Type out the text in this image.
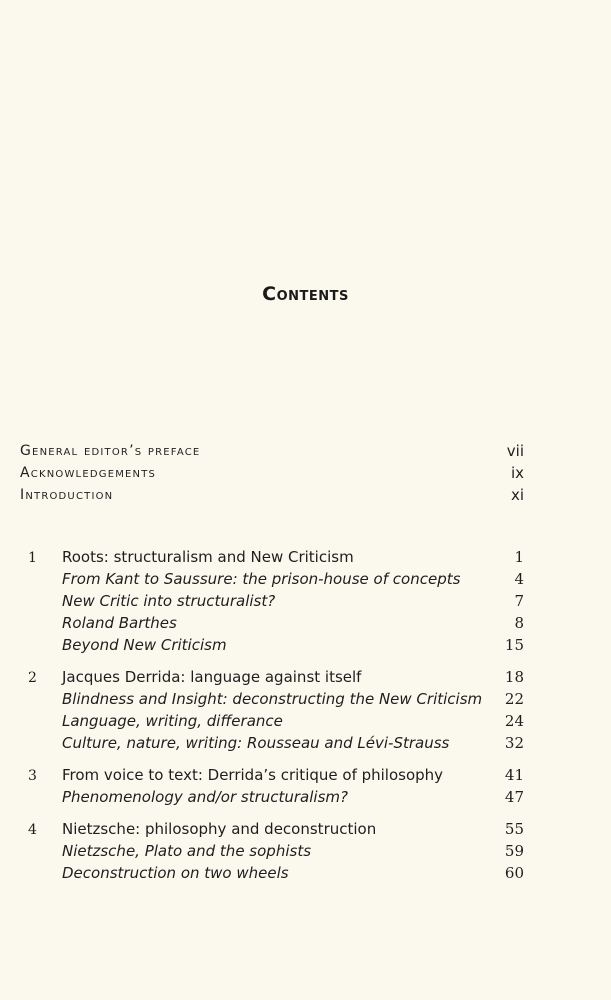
Contents
General editor’s preface	vii
Acknowledgements	ix
Introduction	xi
1	Roots: structuralism and New Criticism	1
From Kant to Saussure: the prison-house of concepts	4
New Critic into structuralist?	7
Roland Barthes	8
Beyond New Criticism	15
2	Jacques Derrida: language against itself	18
Blindness and Insight: deconstructing the New Criticism	22
Language, writing, differance	24
Culture, nature, writing: Rousseau and Lévi-Strauss	32
3	From voice to text: Derrida’s critique of philosophy	41
Phenomenology and/or structuralism?	47
4	Nietzsche: philosophy and deconstruction	55
Nietzsche, Plato and the sophists	59
Deconstruction on two wheels	60
